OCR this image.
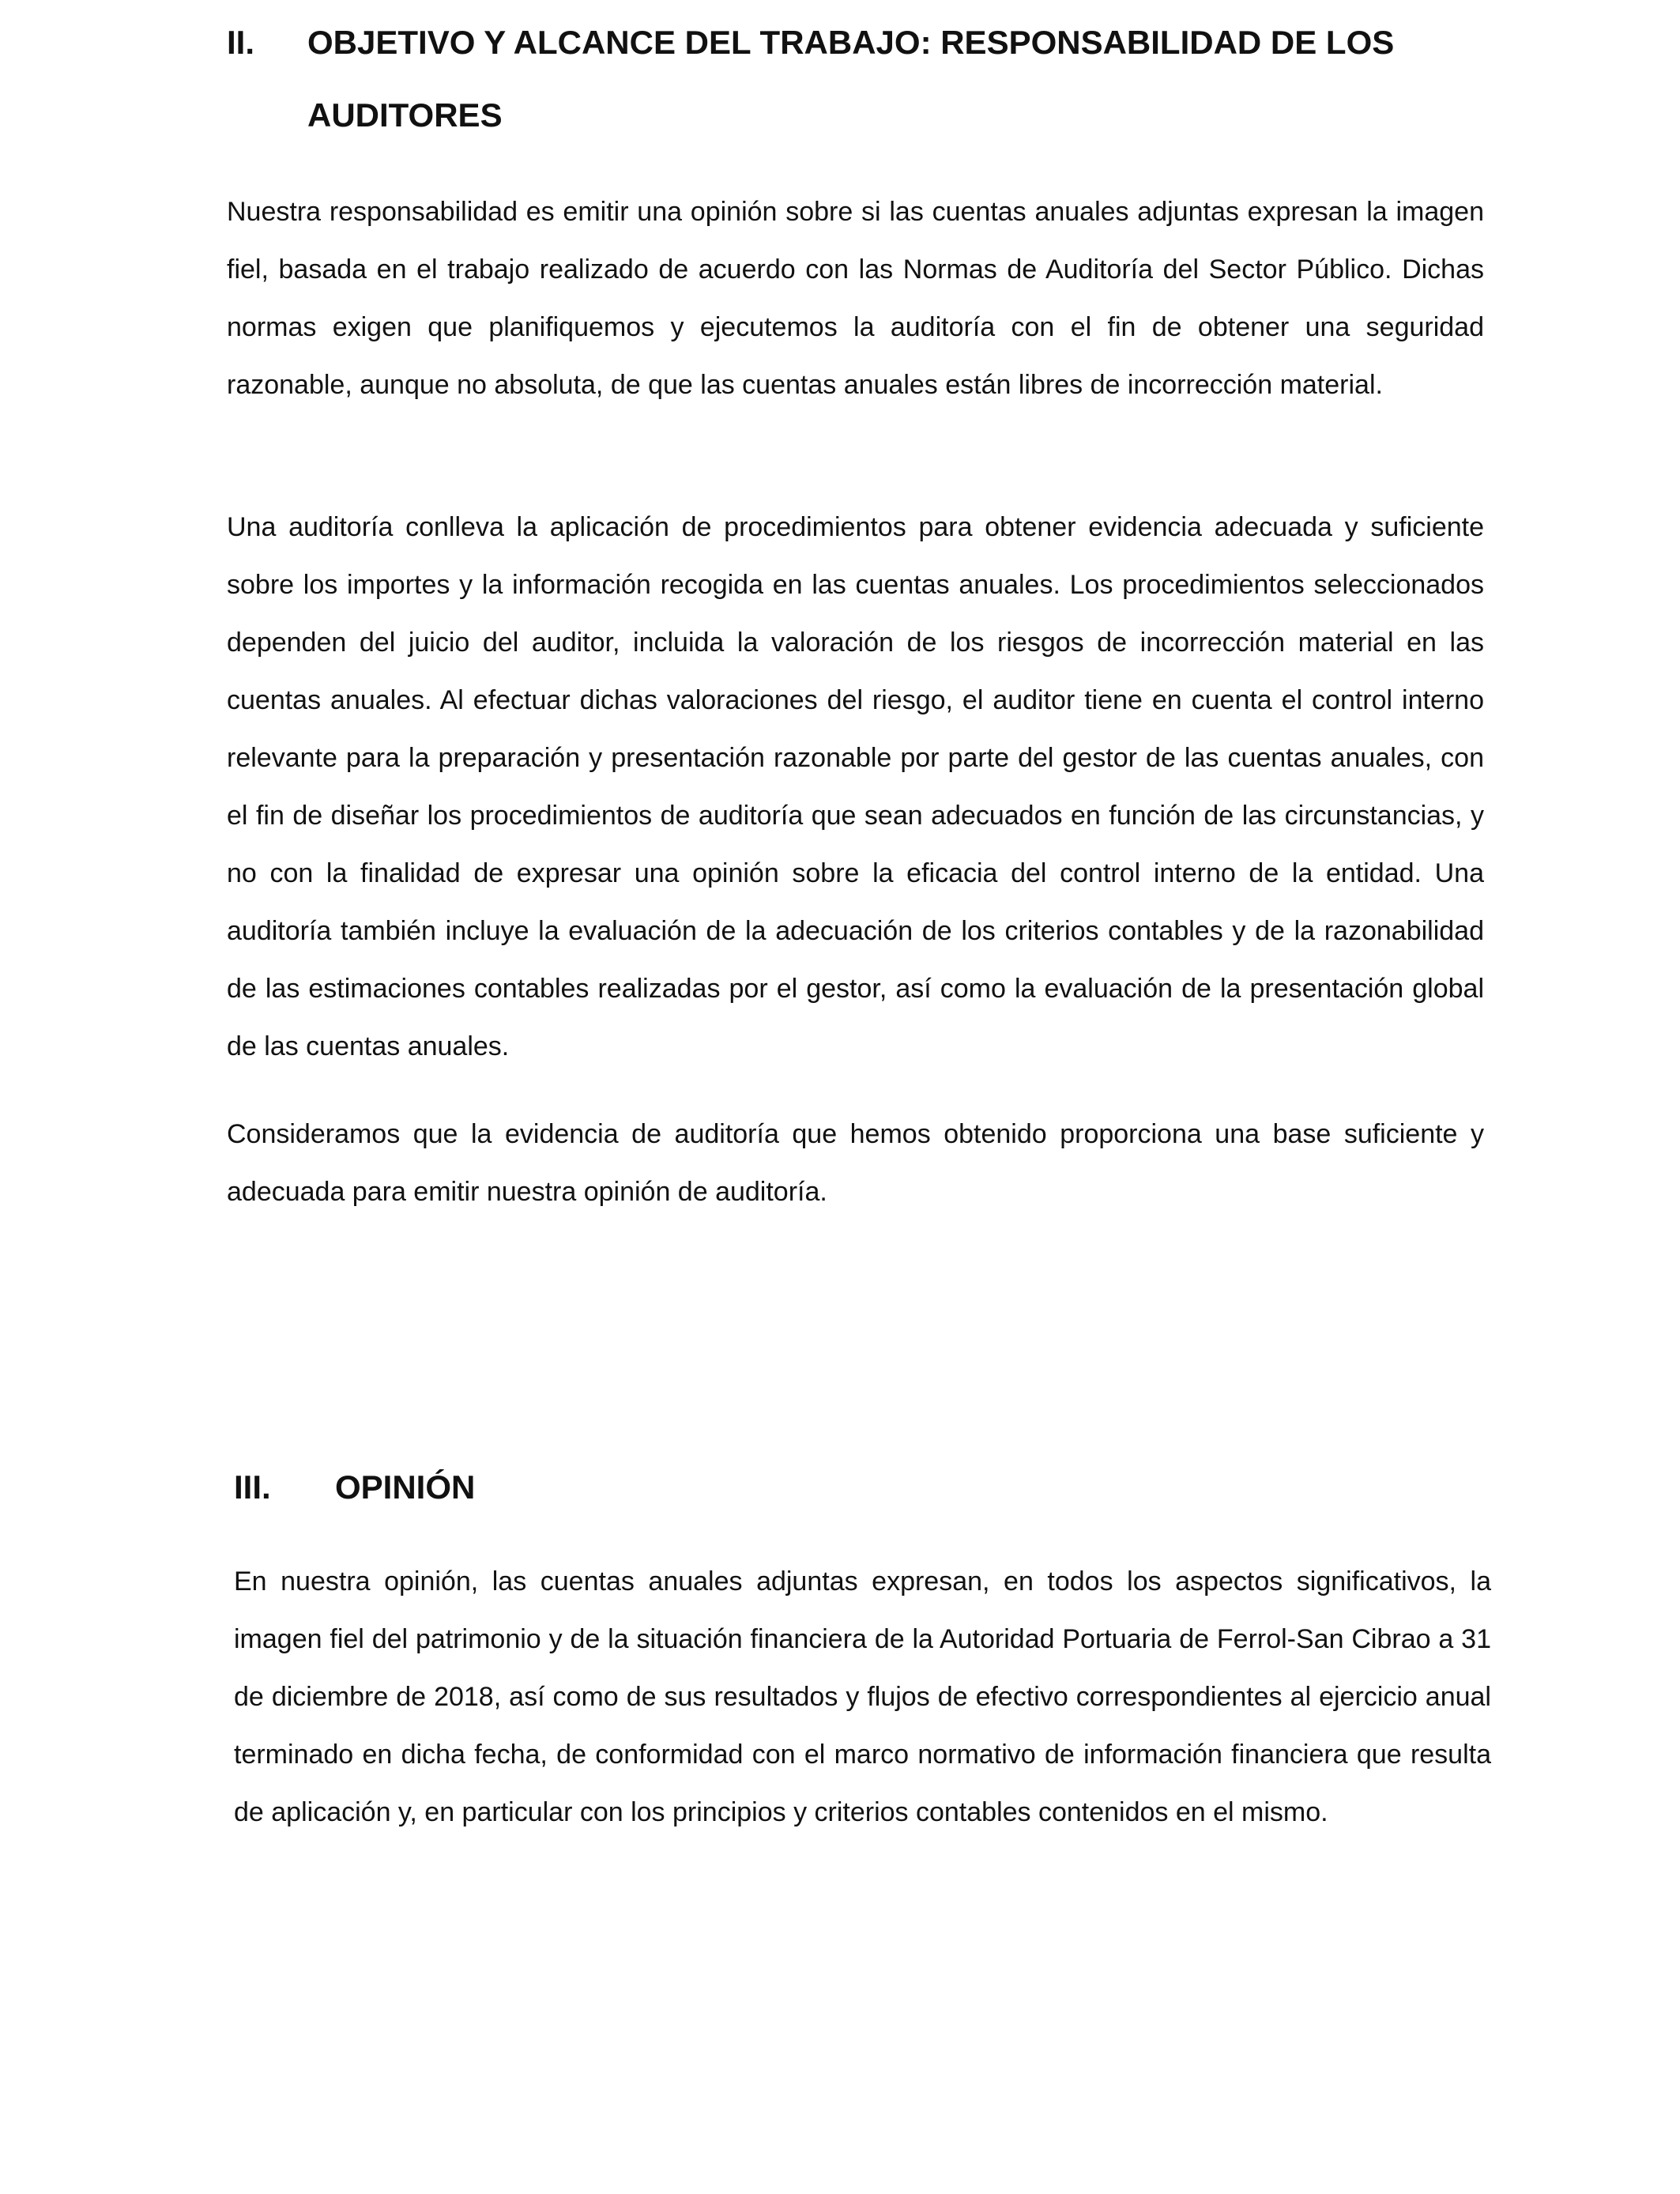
II. OBJETIVO Y ALCANCE DEL TRABAJO: RESPONSABILIDAD DE LOS AUDITORES

Nuestra responsabilidad es emitir una opinión sobre si las cuentas anuales adjuntas expresan la imagen fiel, basada en el trabajo realizado de acuerdo con las Normas de Auditoría del Sector Público. Dichas normas exigen que planifiquemos y ejecutemos la auditoría con el fin de obtener una seguridad razonable, aunque no absoluta, de que las cuentas anuales están libres de incorrección material.

Una auditoría conlleva la aplicación de procedimientos para obtener evidencia adecuada y suficiente sobre los importes y la información recogida en las cuentas anuales. Los procedimientos seleccionados dependen del juicio del auditor, incluida la valoración de los riesgos de incorrección material en las cuentas anuales. Al efectuar dichas valoraciones del riesgo, el auditor tiene en cuenta el control interno relevante para la preparación y presentación razonable por parte del gestor de las cuentas anuales, con el fin de diseñar los procedimientos de auditoría que sean adecuados en función de las circunstancias, y no con la finalidad de expresar una opinión sobre la eficacia del control interno de la entidad. Una auditoría también incluye la evaluación de la adecuación de los criterios contables y de la razonabilidad de las estimaciones contables realizadas por el gestor, así como la evaluación de la presentación global de las cuentas anuales.

Consideramos que la evidencia de auditoría que hemos obtenido proporciona una base suficiente y adecuada para emitir nuestra opinión de auditoría.

III. OPINIÓN

En nuestra opinión, las cuentas anuales adjuntas expresan, en todos los aspectos significativos, la imagen fiel del patrimonio y de la situación financiera de la Autoridad Portuaria de Ferrol-San Cibrao a 31 de diciembre de 2018, así como de sus resultados y flujos de efectivo correspondientes al ejercicio anual terminado en dicha fecha, de conformidad con el marco normativo de información financiera que resulta de aplicación y, en particular con los principios y criterios contables contenidos en el mismo.
